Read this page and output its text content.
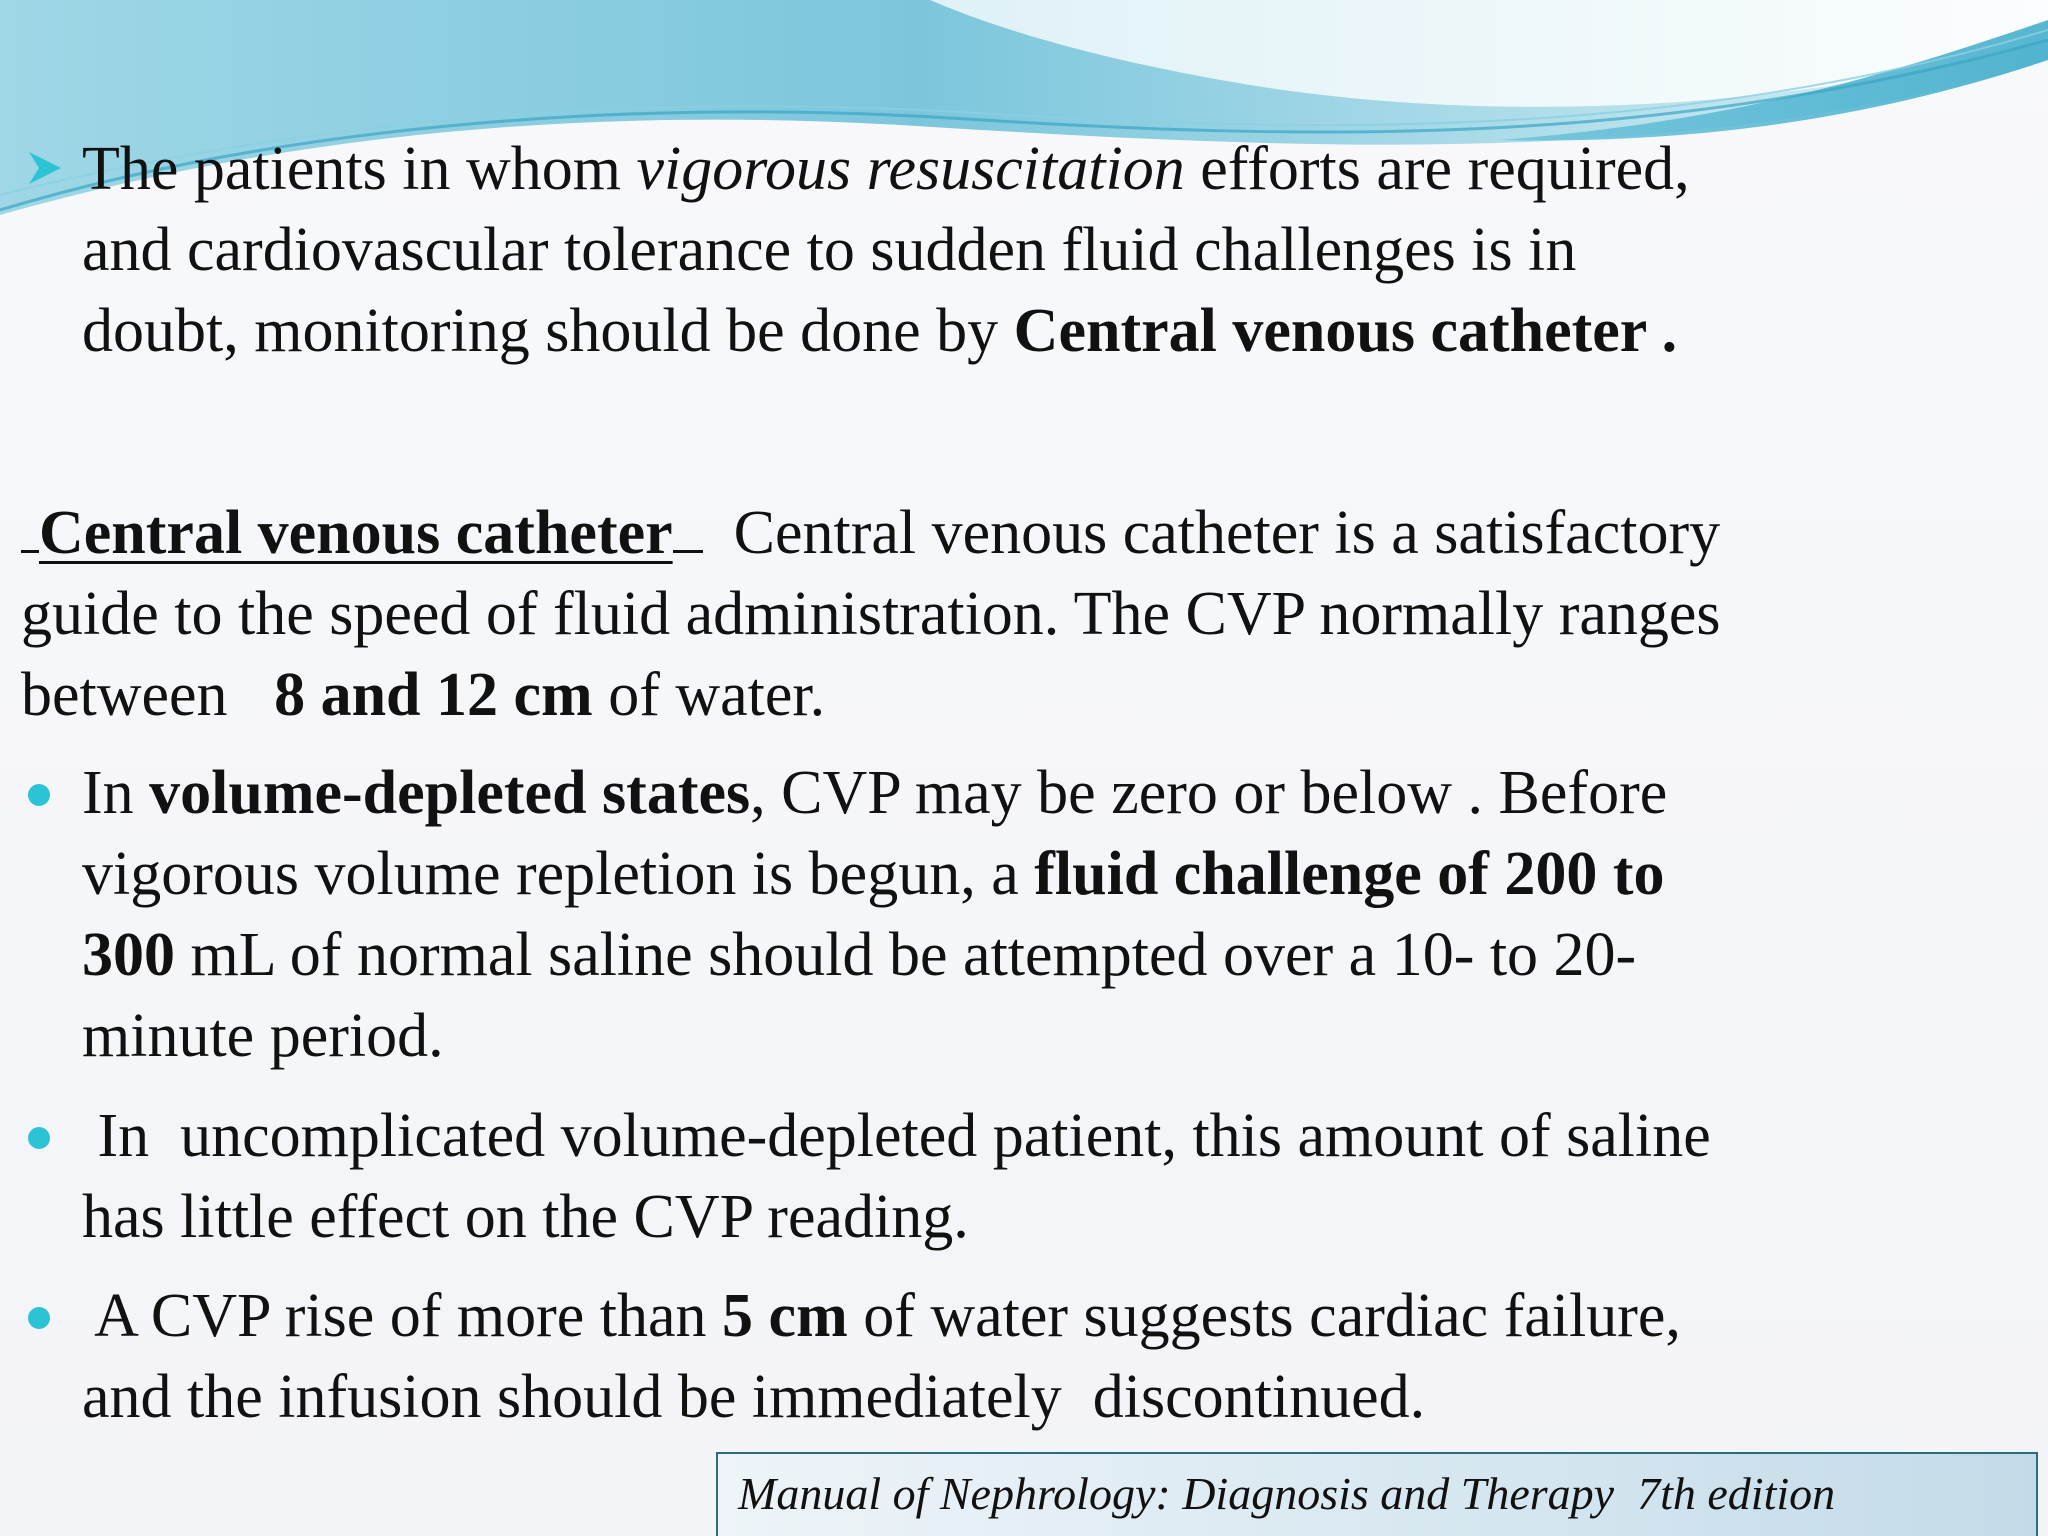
The patients in whom vigorous resuscitation efforts are required,
and cardiovascular tolerance to sudden fluid challenges is in
doubt, monitoring should be done by Central venous catheter .

Central venous catheter Central venous catheter is a satisfactory
guide to the speed of fluid administration. The CVP normally ranges
between   8 and 12 cm of water.

In volume-depleted states, CVP may be zero or below . Before
vigorous volume repletion is begun, a fluid challenge of 200 to
300 mL of normal saline should be attempted over a 10- to 20-
minute period.

In  uncomplicated volume-depleted patient, this amount of saline
has little effect on the CVP reading.

A CVP rise of more than 5 cm of water suggests cardiac failure,
and the infusion should be immediately  discontinued.

Manual of Nephrology: Diagnosis and Therapy  7th edition
